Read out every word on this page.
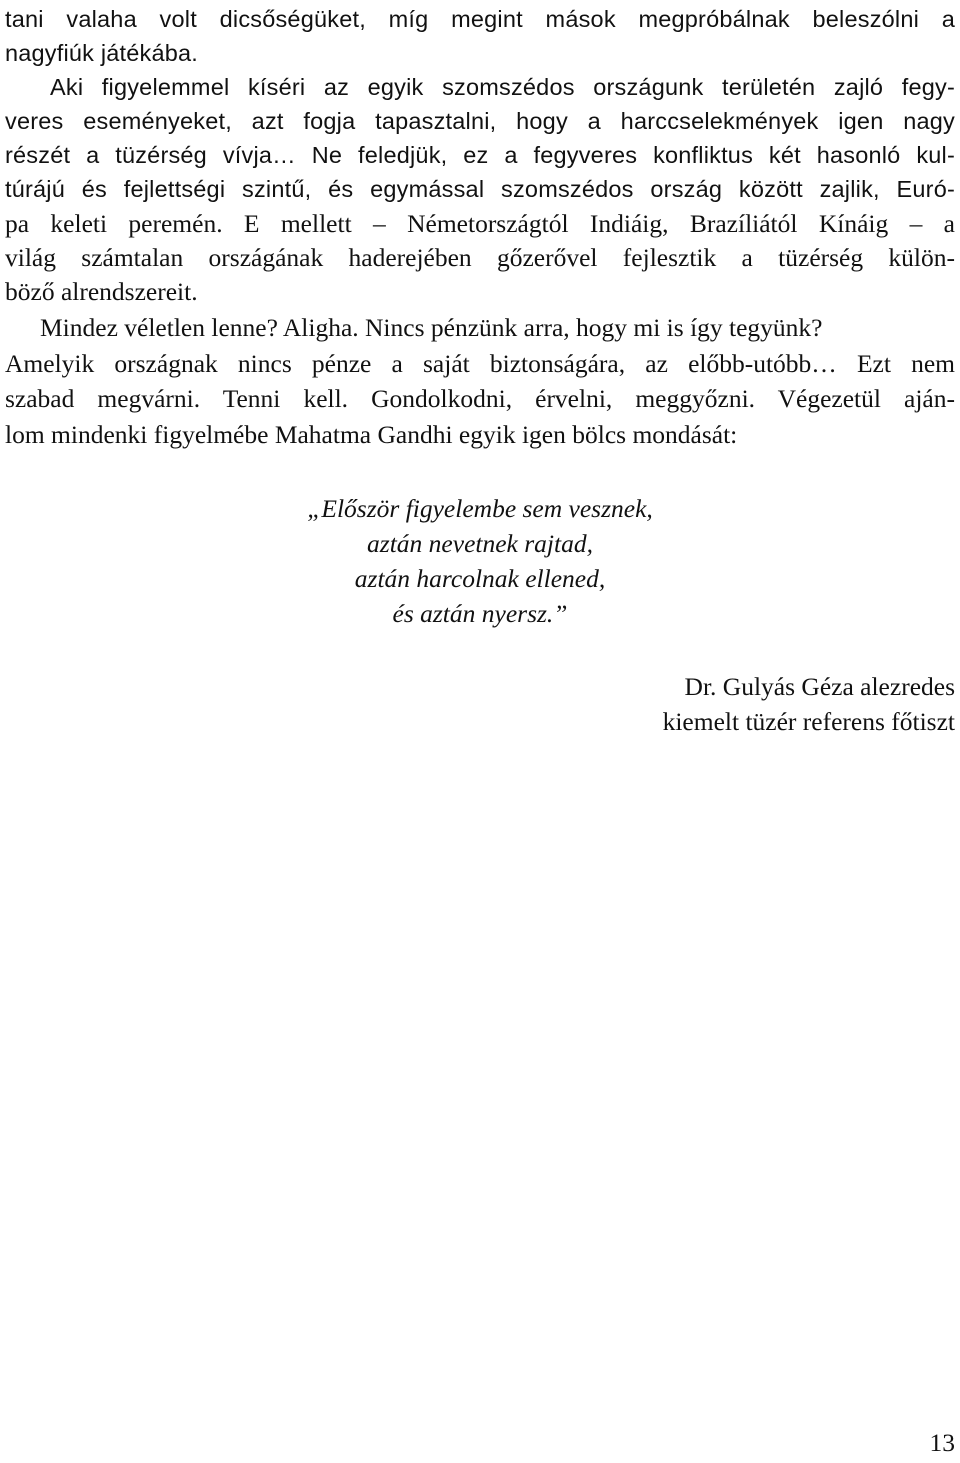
tani valaha volt dicsőségüket, míg megint mások megpróbálnak beleszólni a
nagyfiúk játékába.
Aki figyelemmel kíséri az egyik szomszédos országunk területén zajló fegy-
veres eseményeket, azt fogja tapasztalni, hogy a harccselekmények igen nagy
részét a tüzérség vívja… Ne feledjük, ez a fegyveres konfliktus két hasonló kul-
túrájú és fejlettségi szintű, és egymással szomszédos ország között zajlik, Euró-
pa keleti peremén. E mellett – Németországtól Indiáig, Brazíliától Kínáig – a
világ számtalan országának haderejében gőzerővel fejlesztik a tüzérség külön-
böző alrendszereit.
Mindez véletlen lenne? Aligha. Nincs pénzünk arra, hogy mi is így tegyünk?
Amelyik országnak nincs pénze a saját biztonságára, az előbb-utóbb… Ezt nem
szabad megvárni. Tenni kell. Gondolkodni, érvelni, meggyőzni. Végezetül aján-
lom mindenki figyelmébe Mahatma Gandhi egyik igen bölcs mondását:
„Először figyelembe sem vesznek,
aztán nevetnek rajtad,
aztán harcolnak ellened,
és aztán nyersz.”
Dr. Gulyás Géza alezredes
kiemelt tüzér referens főtiszt
13
